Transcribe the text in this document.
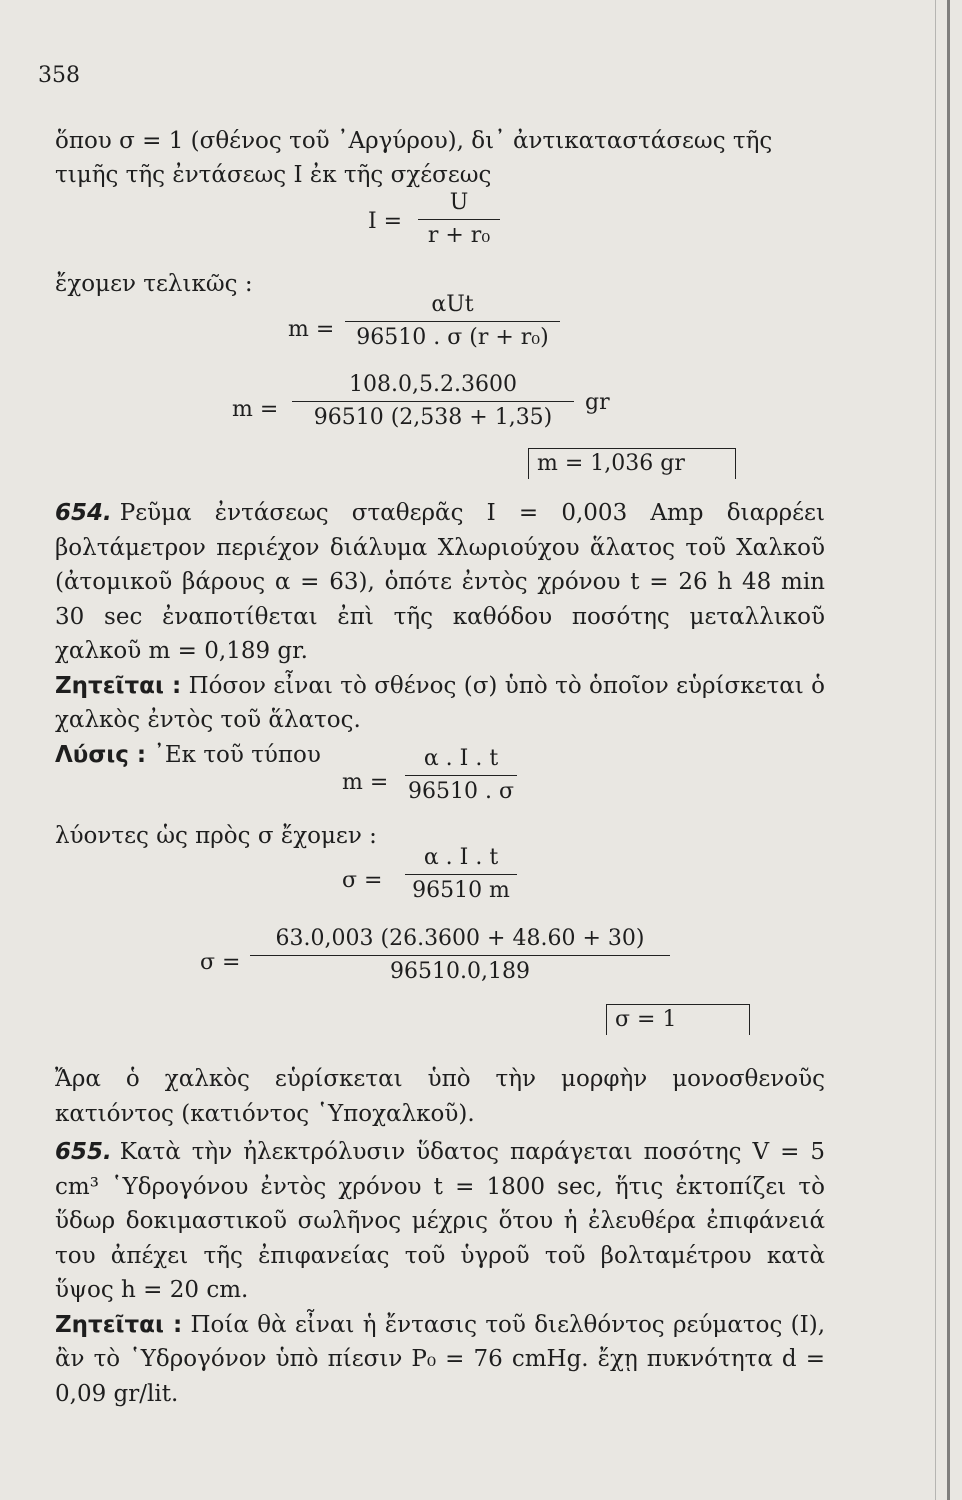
358
ὅπου σ = 1 (σθένος τοῦ ᾿Αργύρου), δι᾿ ἀντικαταστάσεως τῆς
τιμῆς τῆς ἐντάσεως I ἐκ τῆς σχέσεως
I =
U
r + r₀
ἔχομεν τελικῶς :
m =
αUt
96510 . σ (r + r₀)
m =
108.0,5.2.3600
96510 (2,538 + 1,35)
gr
m = 1,036 gr

654. Ρεῦμα ἐντάσεως σταθερᾶς I = 0,003 Amp διαρρέει βολτάμετρον περιέχον διάλυμα Χλωριούχου ἅλατος τοῦ Χαλκοῦ (ἀτομικοῦ βάρους α = 63), ὁπότε ἐντὸς χρόνου t = 26 h 48 min 30 sec ἐναποτίθεται ἐπὶ τῆς καθόδου ποσότης μεταλλικοῦ χαλκοῦ m = 0,189 gr.

Ζητεῖται : Πόσον εἶναι τὸ σθένος (σ) ὑπὸ τὸ ὁποῖον εὑρίσκεται ὁ χαλκὸς ἐντὸς τοῦ ἅλατος.

Λύσις : ᾿Εκ τοῦ τύπου

m =
α . I . t
96510 . σ
λύοντες ὡς πρὸς σ ἔχομεν :
σ =
α . I . t
96510 m
σ =
63.0,003 (26.3600 + 48.60 + 30)
96510.0,189
σ = 1

Ἄρα ὁ χαλκὸς εὑρίσκεται ὑπὸ τὴν μορφὴν μονοσθενοῦς κατιόντος (κατιόντος ῾Υποχαλκοῦ).

655. Κατὰ τὴν ἠλεκτρόλυσιν ὕδατος παράγεται ποσότης V = 5 cm³ ῾Υδρογόνου ἐντὸς χρόνου t = 1800 sec, ἥτις ἐκτοπίζει τὸ ὕδωρ δοκιμαστικοῦ σωλῆνος μέχρις ὅτου ἡ ἐλευθέρα ἐπιφάνειά του ἀπέχει τῆς ἐπιφανείας τοῦ ὑγροῦ τοῦ βολταμέτρου κατὰ ὕψος h = 20 cm.

Ζητεῖται : Ποία θὰ εἶναι ἡ ἔντασις τοῦ διελθόντος ρεύματος (I), ἂν τὸ ῾Υδρογόνον ὑπὸ πίεσιν P₀ = 76 cmHg. ἔχῃ πυκνότητα d = 0,09 gr/lit.
